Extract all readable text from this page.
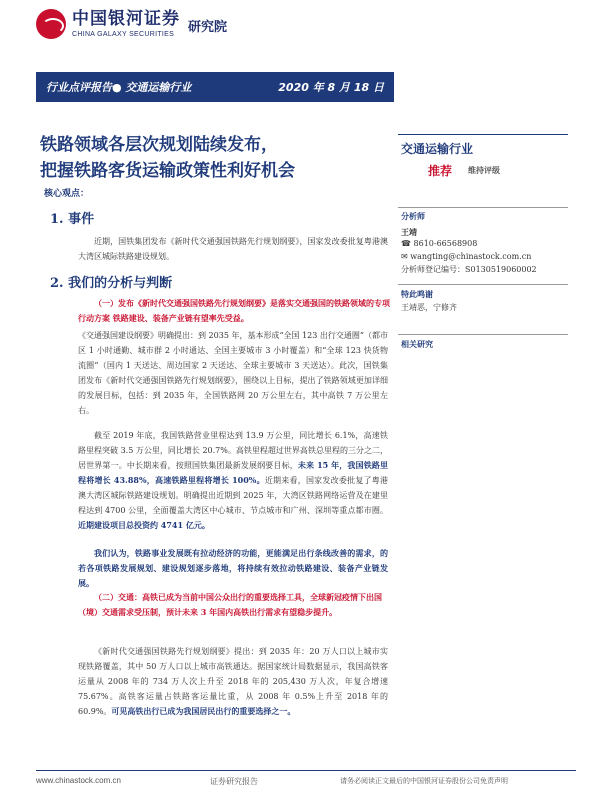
中国银河证券
CHINA GALAXY SECURITIES	研究院
行业点评报告● 交通运输行业	2020 年 8 月 18 日
铁路领域各层次规划陆续发布，
把握铁路客货运输政策性利好机会
核心观点：
1. 事件
近期，国铁集团发布《新时代交通强国铁路先行规划纲要》，国家发改委批复粤港澳大湾区城际铁路建设规划。
2. 我们的分析与判断
（一）发布《新时代交通强国铁路先行规划纲要》是落实交通强国的铁路领域的专项行动方案 铁路建设、装备产业链有望率先受益。
《交通强国建设纲要》明确提出：到 2035 年，基本形成“全国 123 出行交通圈”（都市区 1 小时通勤、城市群 2 小时通达、全国主要城市 3 小时覆盖）和“全球 123 快货物流圈”（国内 1 天送达、周边国家 2 天送达、全球主要城市 3 天送达）。此次，国铁集团发布《新时代交通强国铁路先行规划纲要》，围绕以上目标，提出了铁路领域更加详细的发展目标，包括：到 2035 年，全国铁路网 20 万公里左右，其中高铁 7 万公里左右。
截至 2019 年底，我国铁路营业里程达到 13.9 万公里，同比增长 6.1%，高速铁路里程突破 3.5 万公里，同比增长 20.7%。高铁里程超过世界高铁总里程的三分之二，居世界第一。中长期来看，按照国铁集团最新发展纲要目标，未来 15 年，我国铁路里程将增长 43.88%，高速铁路里程将增长 100%。近期来看，国家发改委批复了粤港澳大湾区城际铁路建设规划。明确提出近期到 2025 年，大湾区铁路网络运营及在建里程达到 4700 公里，全面覆盖大湾区中心城市、节点城市和广州、深圳等重点都市圈。近期建设项目总投资约 4741 亿元。
我们认为，铁路事业发展既有拉动经济的功能，更能满足出行条线改善的需求，的若各项铁路发展规划、建设规划逐步落地，将持续有效拉动铁路建设、装备产业链发展。
（二）交通：高铁已成为当前中国公众出行的重要选择工具，全球新冠疫情下出国（境）交通需求受压制，预计未来 3 年国内高铁出行需求有望稳步提升。
《新时代交通强国铁路先行规划纲要》提出：到 2035 年：20 万人口以上城市实现铁路覆盖，其中 50 万人口以上城市高铁通达。据国家统计局数据显示，我国高铁客运量从 2008 年的 734 万人次上升至 2018 年的 205,430 万人次，年复合增速 75.67%。高铁客运量占铁路客运量比重，从 2008 年 0.5%上升至 2018 年的 60.9%。可见高铁出行已成为我国居民出行的重要选择之一。
交通运输行业
推荐 维持评级
分析师
王靖
☎ 8610-66568908
✉ wangting@chinastock.com.cn
分析师登记编号：S0130519060002
特此鸣谢
王靖恶，宁修齐
相关研究
www.chinastock.com.cn	证券研究报告	请务必阅读正文最后的中国银河证券股份公司免责声明
